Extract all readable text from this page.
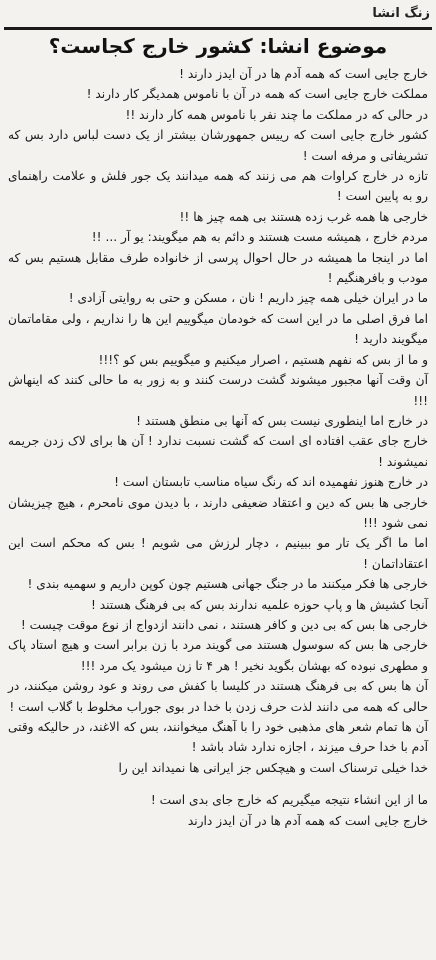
زنگ انشا
موضوع انشا: کشور خارج کجاست؟

خارج جایی است که همه آدم ها در آن ایدز دارند !

مملکت خارج جایی است که همه در آن با ناموس همدیگر کار دارند !

در حالی که در مملکت ما چند نفر با ناموس همه کار دارند !!

کشور خارج جایی است که رییس جمهورشان بیشتر از یک دست لباس دارد بس که تشریفاتی و مرفه است !

تازه در خارج کراوات هم می زنند که همه میدانند یک جور فلش و علامت راهنمای رو به پایین است !

خارجی ها همه غرب زده هستند بی همه چیز ها !!

مردم خارج ، همیشه مست هستند و دائم به هم میگویند: یو آر ... !!

اما در اینجا ما همیشه در حال احوال پرسی از خانواده طرف مقابل هستیم بس که مودب و بافرهنگیم !

ما در ایران خیلی همه چیز داریم ! نان ، مسکن و حتی به روایتی آزادی !

اما فرق اصلی ما در این است که خودمان میگوییم این ها را نداریم ، ولی مقاماتمان میگویند دارید !

و ما از بس که نفهم هستیم ، اصرار میکنیم و میگوییم بس کو ؟!!!

آن وقت آنها مجبور میشوند گشت درست کنند و به زور به ما حالی کنند که اینهاش !!!

در خارج اما اینطوری نیست بس که آنها بی منطق هستند !

خارج جای عقب افتاده ای است که گشت نسبت ندارد ! آن ها برای لاک زدن جریمه نمیشوند !

در خارج هنوز نفهمیده اند که رنگ سیاه مناسب تابستان است !

خارجی ها بس که دین و اعتقاد ضعیفی دارند ، با دیدن موی نامحرم ، هیچ چیزیشان نمی شود !!!

اما ما اگر یک تار مو ببینیم ، دچار لرزش می شویم ! بس که محکم است این اعتقاداتمان !

خارجی ها فکر میکنند ما در جنگ جهانی هستیم چون کوپن داریم و سهمیه بندی !

آنجا کشیش ها و پاپ حوزه علمیه ندارند بس که بی فرهنگ هستند !

خارجی ها بس که بی دین و کافر هستند ، نمی دانند ازدواج از نوع موقت چیست !

خارجی ها بس که سوسول هستند می گویند مرد با زن برابر است و هیچ استاد پاک و مطهری نبوده که بهشان بگوید نخیر ! هر ۴ تا زن میشود یک مرد !!!

آن ها بس که بی فرهنگ هستند در کلیسا با کفش می روند و عود روشن میکنند، در حالی که همه می دانند لذت حرف زدن با خدا در بوی جوراب مخلوط با گلاب است !

آن ها تمام شعر های مذهبی خود را با آهنگ میخوانند، بس که الاغند، در حالیکه وقتی آدم با خدا حرف میزند ، اجازه ندارد شاد باشد !

خدا خیلی ترسناک است و هیچکس جز ایرانی ها نمیداند این را

ما از این انشاء نتیجه میگیریم که خارج جای بدی است !

خارج جایی است که همه آدم ها در آن ایدز دارند
